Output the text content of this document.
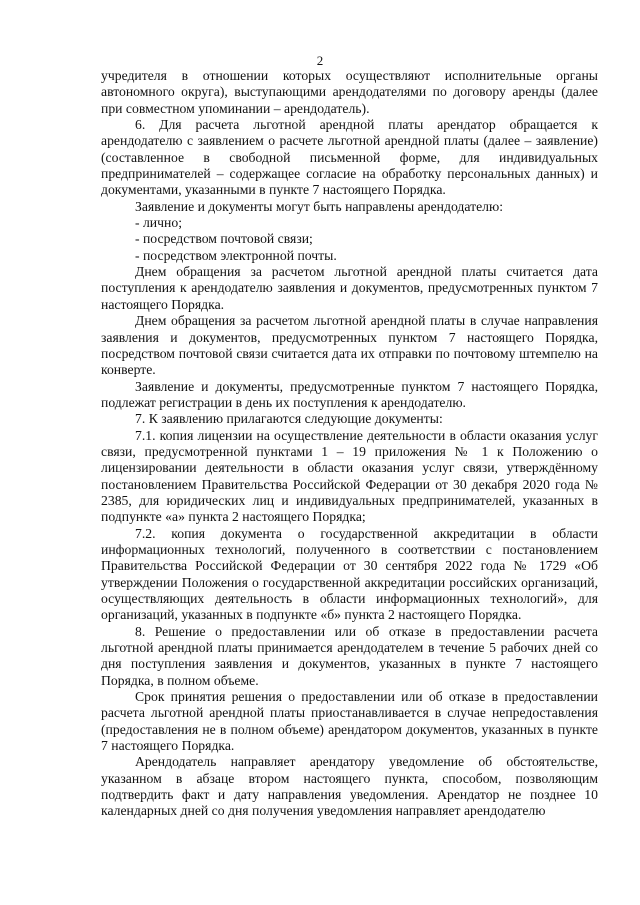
2

учредителя в отношении которых осуществляют исполнительные органы автономного округа), выступающими арендодателями по договору аренды (далее при совместном упоминании – арендодатель).

6. Для расчета льготной арендной платы арендатор обращается к арендодателю с заявлением о расчете льготной арендной платы (далее – заявление) (составленное в свободной письменной форме, для индивидуальных предпринимателей – содержащее согласие на обработку персональных данных) и документами, указанными в пункте 7 настоящего Порядка.

Заявление и документы могут быть направлены арендодателю:

- лично;

- посредством почтовой связи;

- посредством электронной почты.

Днем обращения за расчетом льготной арендной платы считается дата поступления к арендодателю заявления и документов, предусмотренных пунктом 7 настоящего Порядка.

Днем обращения за расчетом льготной арендной платы в случае направления заявления и документов, предусмотренных пунктом 7 настоящего Порядка, посредством почтовой связи считается дата их отправки по почтовому штемпелю на конверте.

Заявление и документы, предусмотренные пунктом 7 настоящего Порядка, подлежат регистрации в день их поступления к арендодателю.

7. К заявлению прилагаются следующие документы:

7.1. копия лицензии на осуществление деятельности в области оказания услуг связи, предусмотренной пунктами 1 – 19 приложения № 1 к Положению о лицензировании деятельности в области оказания услуг связи, утверждённому постановлением Правительства Российской Федерации от 30 декабря 2020 года № 2385, для юридических лиц и индивидуальных предпринимателей, указанных в подпункте «а» пункта 2 настоящего Порядка;

7.2. копия документа о государственной аккредитации в области информационных технологий, полученного в соответствии с постановлением Правительства Российской Федерации от 30 сентября 2022 года № 1729 «Об утверждении Положения о государственной аккредитации российских организаций, осуществляющих деятельность в области информационных технологий», для организаций, указанных в подпункте «б» пункта 2 настоящего Порядка.

8. Решение о предоставлении или об отказе в предоставлении расчета льготной арендной платы принимается арендодателем в течение 5 рабочих дней со дня поступления заявления и документов, указанных в пункте 7 настоящего Порядка, в полном объеме.

Срок принятия решения о предоставлении или об отказе в предоставлении расчета льготной арендной платы приостанавливается в случае непредоставления (предоставления не в полном объеме) арендатором документов, указанных в пункте 7 настоящего Порядка.

Арендодатель направляет арендатору уведомление об обстоятельстве, указанном в абзаце втором настоящего пункта, способом, позволяющим подтвердить факт и дату направления уведомления. Арендатор не позднее 10 календарных дней со дня получения уведомления направляет арендодателю
